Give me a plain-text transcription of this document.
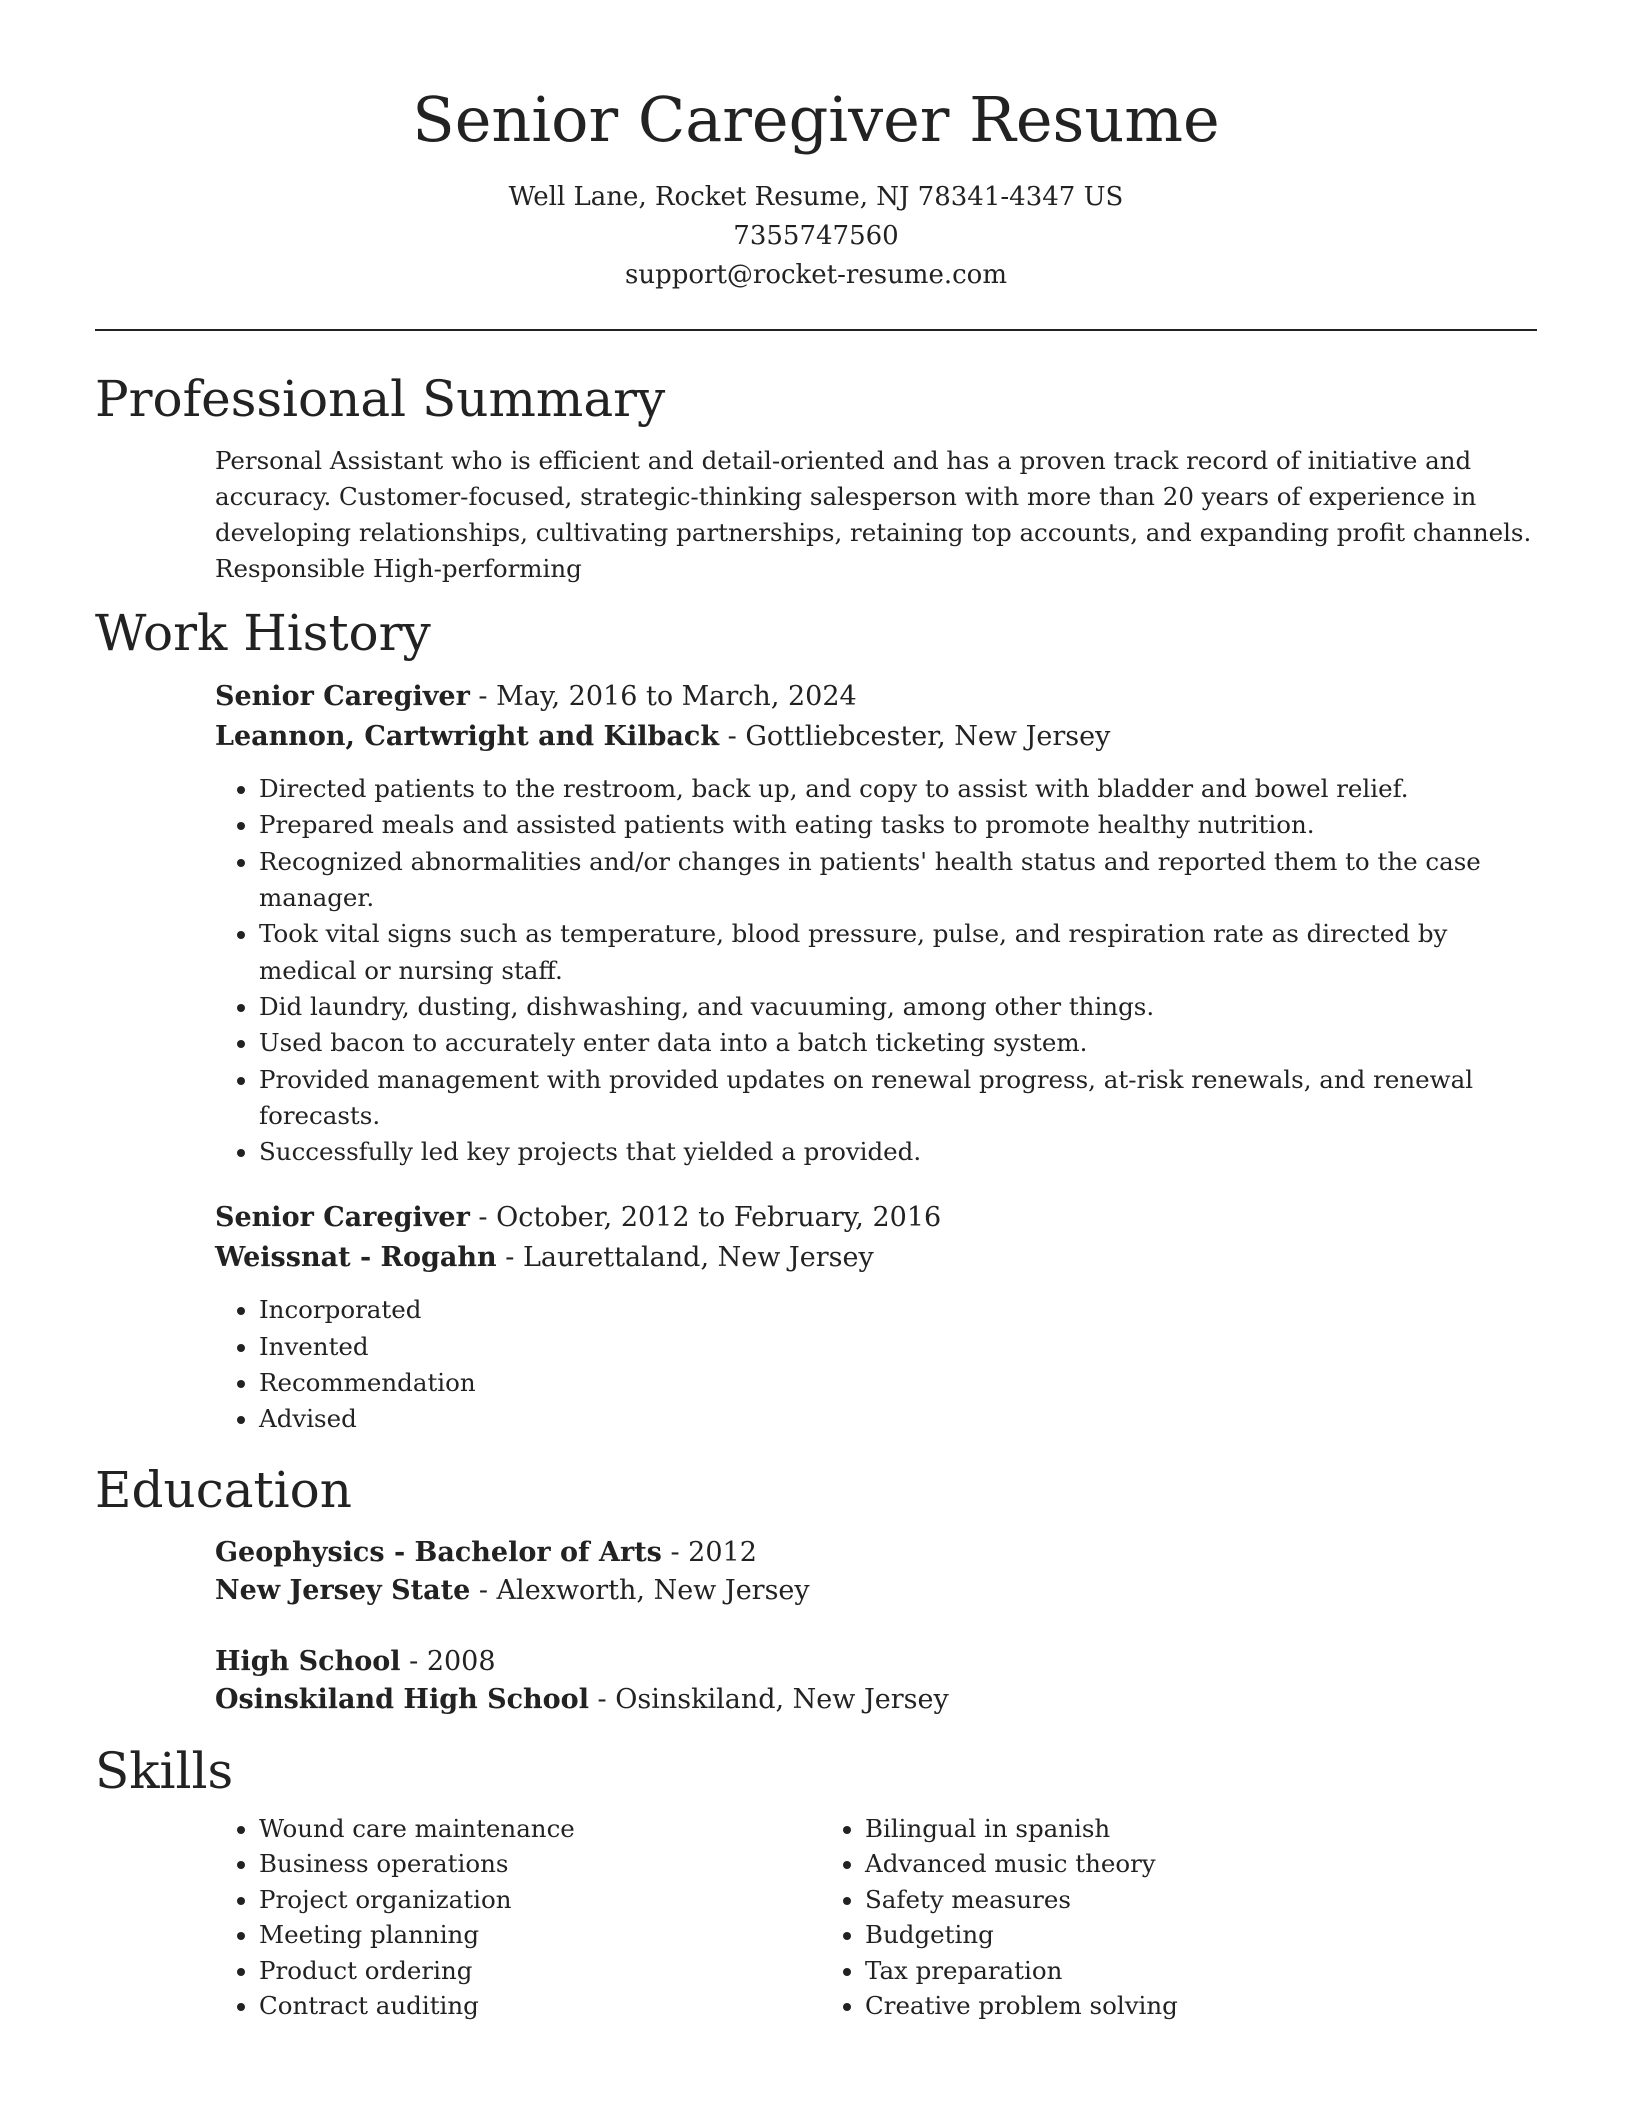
Senior Caregiver Resume
Well Lane, Rocket Resume, NJ 78341-4347 US
7355747560
support@rocket-resume.com
Professional Summary

Personal Assistant who is efficient and detail-oriented and has a proven track record of initiative and accuracy. Customer-focused, strategic-thinking salesperson with more than 20 years of experience in developing relationships, cultivating partnerships, retaining top accounts, and expanding profit channels. Responsible High-performing

Work History
Senior Caregiver - May, 2016 to March, 2024
Leannon, Cartwright and Kilback - Gottliebcester, New Jersey
• Directed patients to the restroom, back up, and copy to assist with bladder and bowel relief.
• Prepared meals and assisted patients with eating tasks to promote healthy nutrition.
• Recognized abnormalities and/or changes in patients' health status and reported them to the case manager.
• Took vital signs such as temperature, blood pressure, pulse, and respiration rate as directed by medical or nursing staff.
• Did laundry, dusting, dishwashing, and vacuuming, among other things.
• Used bacon to accurately enter data into a batch ticketing system.
• Provided management with provided updates on renewal progress, at-risk renewals, and renewal forecasts.
• Successfully led key projects that yielded a provided.
Senior Caregiver - October, 2012 to February, 2016
Weissnat - Rogahn - Laurettaland, New Jersey
• Incorporated
• Invented
• Recommendation
• Advised
Education
Geophysics - Bachelor of Arts - 2012
New Jersey State - Alexworth, New Jersey
High School - 2008
Osinskiland High School - Osinskiland, New Jersey
Skills
• Wound care maintenance
• Business operations
• Project organization
• Meeting planning
• Product ordering
• Contract auditing
• Bilingual in spanish
• Advanced music theory
• Safety measures
• Budgeting
• Tax preparation
• Creative problem solving
